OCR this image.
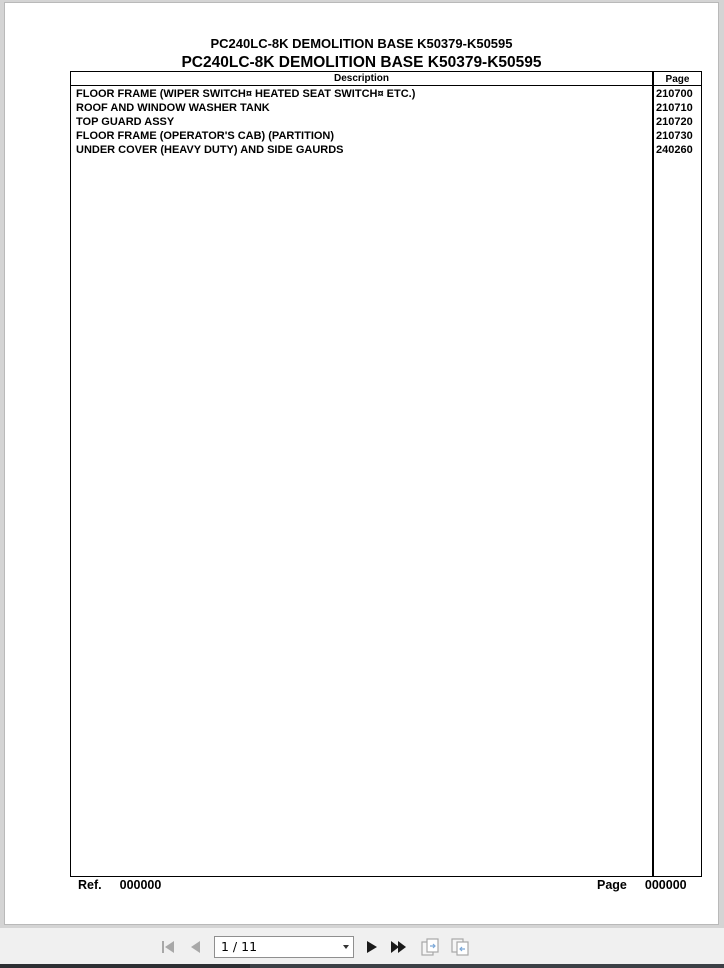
PC240LC-8K DEMOLITION BASE K50379-K50595
PC240LC-8K DEMOLITION BASE K50379-K50595
Description	Page
FLOOR FRAME (WIPER SWITCH¤ HEATED SEAT SWITCH¤ ETC.)	210700
ROOF AND WINDOW WASHER TANK	210710
TOP GUARD ASSY	210720
FLOOR FRAME (OPERATOR'S CAB) (PARTITION)	210730
UNDER COVER (HEAVY DUTY) AND SIDE GAURDS	240260
Ref. 000000	Page 000000
1 / 11
